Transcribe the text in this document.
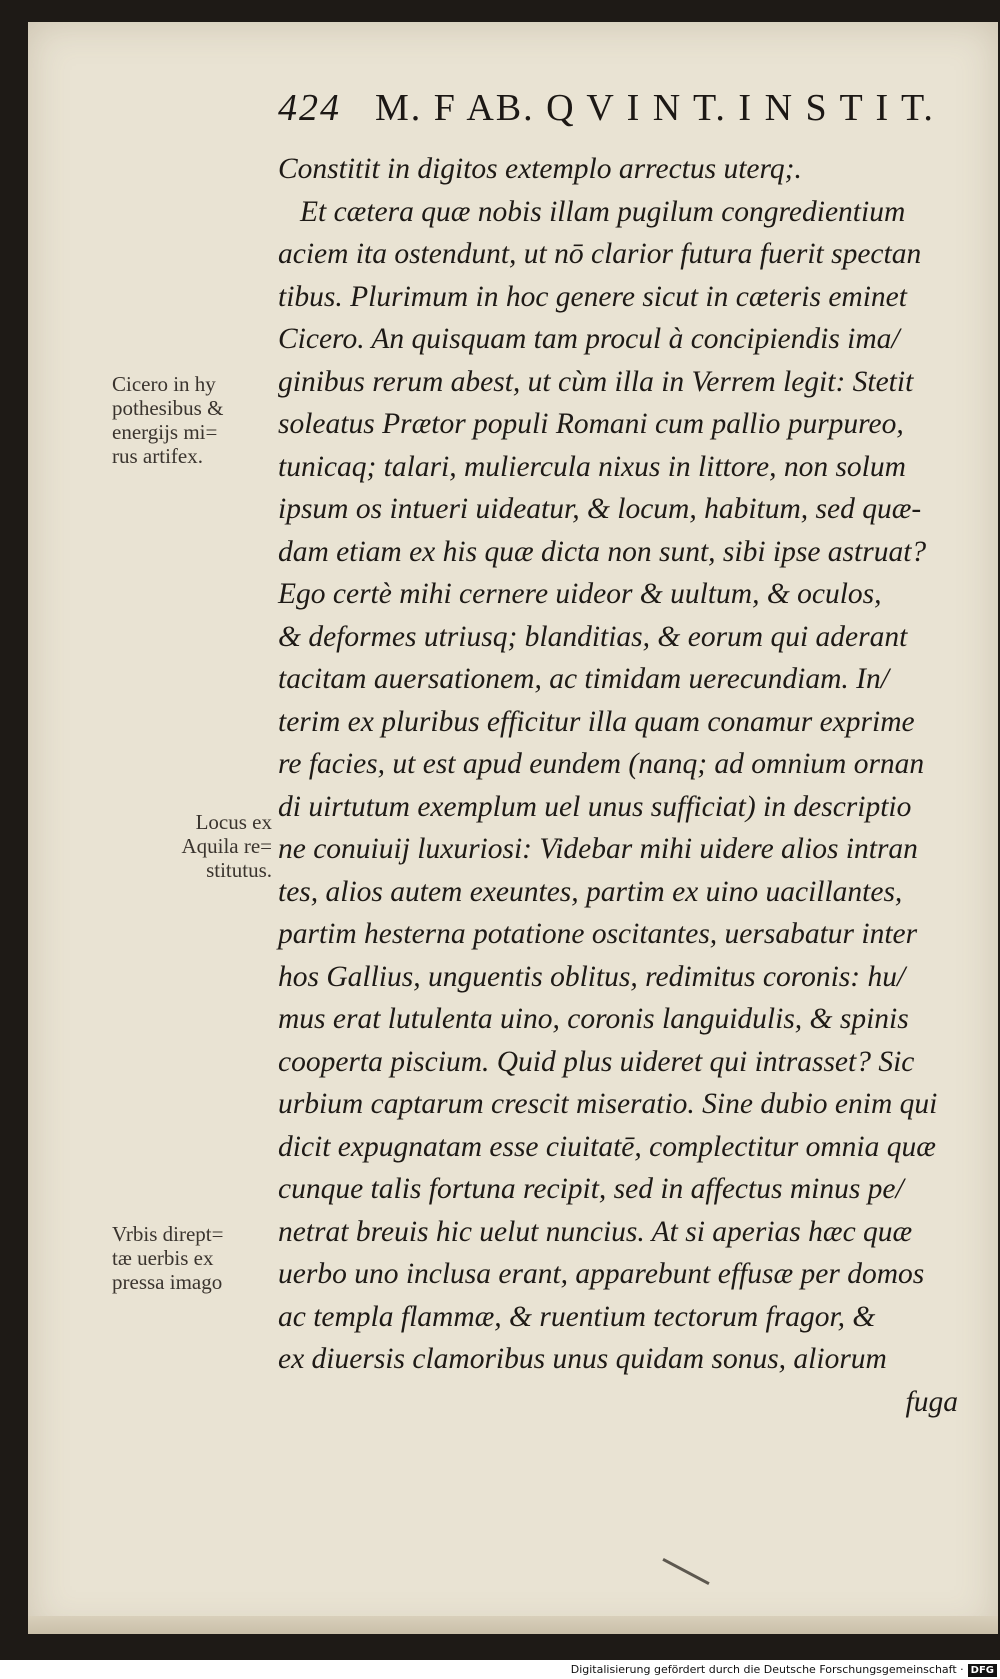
424 M. F AB. Q V I N T. I N S T I T.
Constitit in digitos extemplo arrectus uterq;.
Et cætera quæ nobis illam pugilum congredientium
aciem ita ostendunt, ut nō clarior futura fuerit spectan
tibus. Plurimum in hoc genere sicut in cæteris eminet
Cicero. An quisquam tam procul à concipiendis ima/
ginibus rerum abest, ut cùm illa in Verrem legit: Stetit
soleatus Prætor populi Romani cum pallio purpureo,
tunicaq; talari, muliercula nixus in littore, non solum
ipsum os intueri uideatur, & locum, habitum, sed quæ-
dam etiam ex his quæ dicta non sunt, sibi ipse astruat?
Ego certè mihi cernere uideor & uultum, & oculos,
& deformes utriusq; blanditias, & eorum qui aderant
tacitam auersationem, ac timidam uerecundiam. In/
terim ex pluribus efficitur illa quam conamur exprime
re facies, ut est apud eundem (nanq; ad omnium ornan
di uirtutum exemplum uel unus sufficiat) in descriptio
ne conuiuij luxuriosi: Videbar mihi uidere alios intran
tes, alios autem exeuntes, partim ex uino uacillantes,
partim hesterna potatione oscitantes, uersabatur inter
hos Gallius, unguentis oblitus, redimitus coronis: hu/
mus erat lutulenta uino, coronis languidulis, & spinis
cooperta piscium. Quid plus uideret qui intrasset? Sic
urbium captarum crescit miseratio. Sine dubio enim qui
dicit expugnatam esse ciuitatē, complectitur omnia quæ
cunque talis fortuna recipit, sed in affectus minus pe/
netrat breuis hic uelut nuncius. At si aperias hæc quæ
uerbo uno inclusa erant, apparebunt effusæ per domos
ac templa flammæ, & ruentium tectorum fragor, &
ex diuersis clamoribus unus quidam sonus, aliorum
fuga
Cicero in hy
pothesibus &
energijs mi=
rus artifex.
Locus ex
Aquila re=
stitutus.
Vrbis dirept=
tæ uerbis ex
pressa imago
Digitalisierung gefördert durch die Deutsche Forschungsgemeinschaft · DFG
